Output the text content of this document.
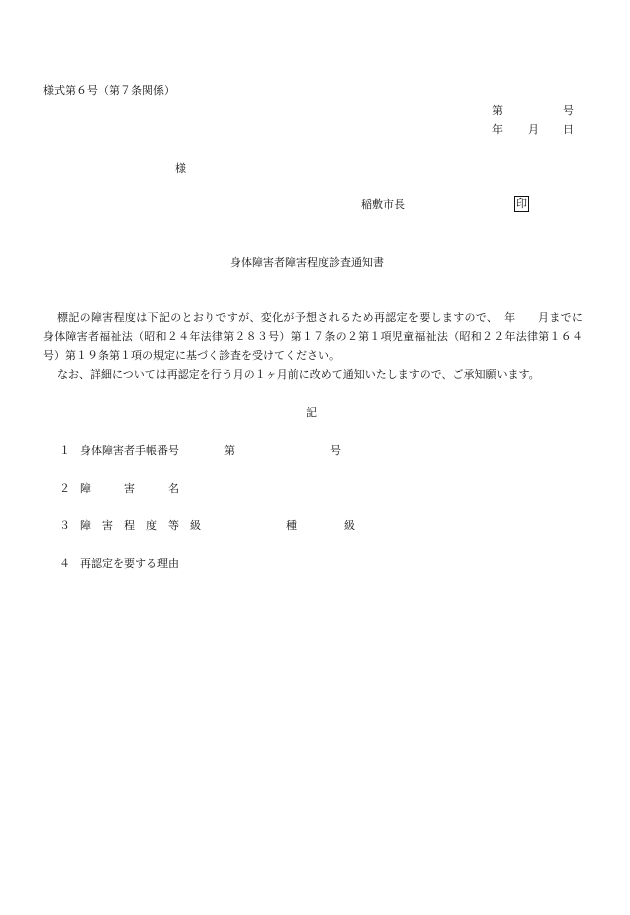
様式第６号（第７条関係）
第	号
年 月 日
様
稲敷市長	印
身体障害者障害程度診査通知書

標記の障害程度は下記のとおりですが、変化が予想されるため再認定を要しますので、　年　　月までに　身体障害者福祉法（昭和２４年法律第２８３号）第１７条の２第１項児童福祉法（昭和２２年法律第１６４号）第１９条第１項の規定に基づく診査を受けてください。

なお、詳細については再認定を行う月の１ヶ月前に改めて通知いたしますので、ご承知願います。

記
１ 身体障害者手帳番号	第	号
２ 障　　　害　　　名
３ 障　害　程　度　等　級	種	級
４ 再認定を要する理由
